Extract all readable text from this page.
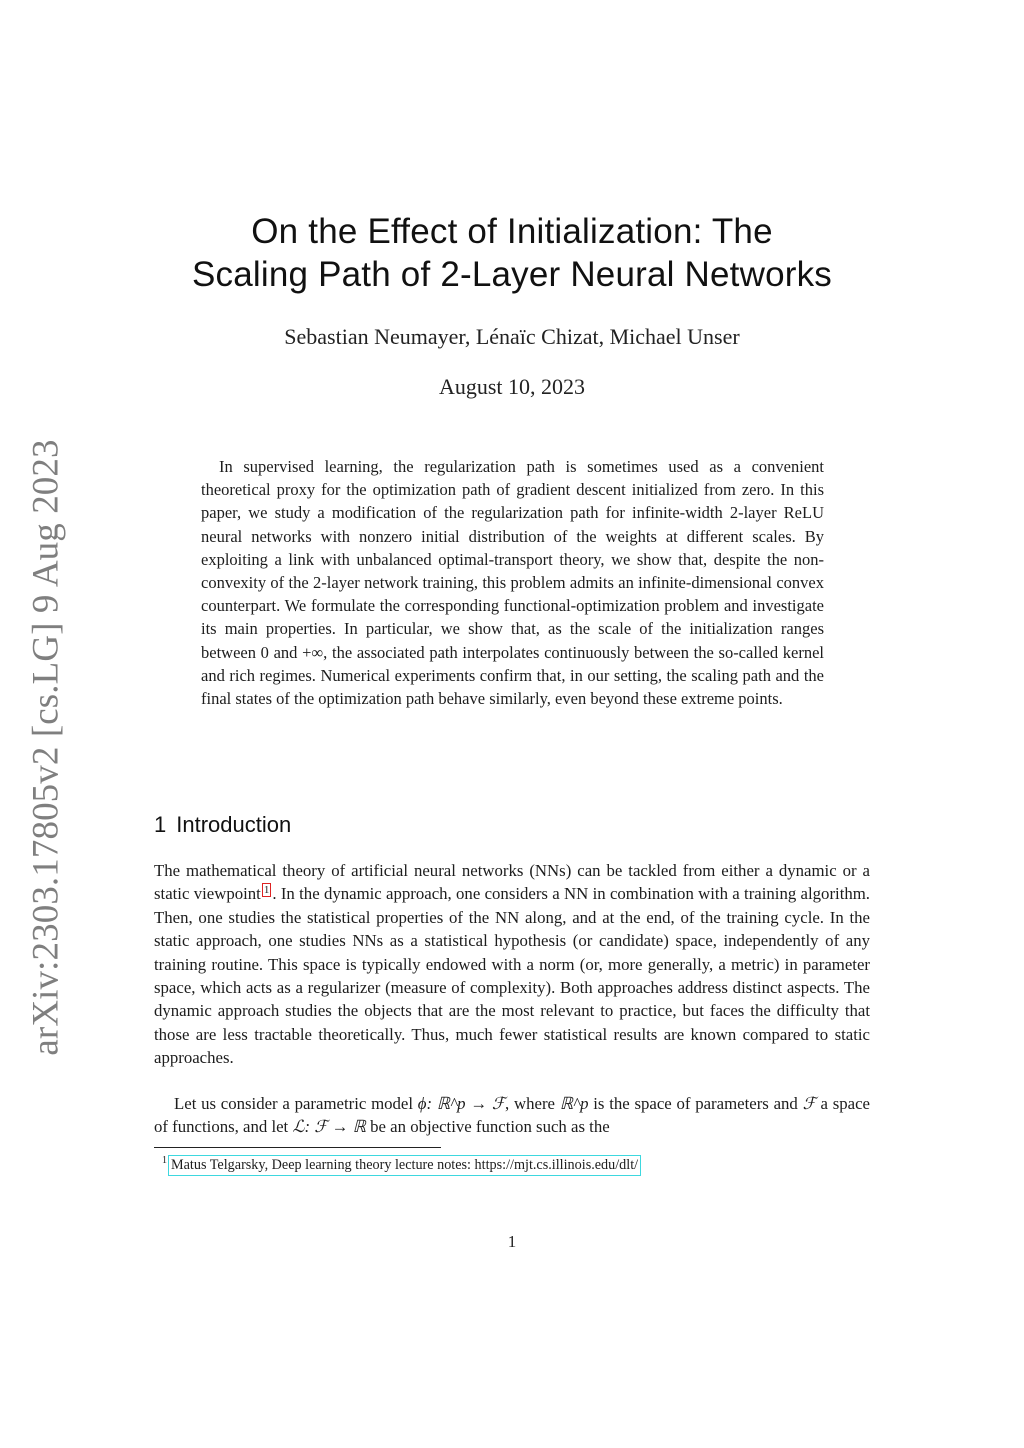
arXiv:2303.17805v2 [cs.LG] 9 Aug 2023
On the Effect of Initialization: The
Scaling Path of 2-Layer Neural Networks
Sebastian Neumayer, Lénaïc Chizat, Michael Unser
August 10, 2023

In supervised learning, the regularization path is sometimes used as a convenient theoretical proxy for the optimization path of gradient descent initialized from zero. In this paper, we study a modification of the regularization path for infinite-width 2-layer ReLU neural networks with nonzero initial distribution of the weights at different scales. By exploiting a link with unbalanced optimal-transport theory, we show that, despite the non-convexity of the 2-layer network training, this problem admits an infinite-dimensional convex counterpart. We formulate the corresponding functional-optimization problem and investigate its main properties. In particular, we show that, as the scale of the initialization ranges between 0 and +∞, the associated path interpolates continuously between the so-called kernel and rich regimes. Numerical experiments confirm that, in our setting, the scaling path and the final states of the optimization path behave similarly, even beyond these extreme points.

1 Introduction

The mathematical theory of artificial neural networks (NNs) can be tackled from either a dynamic or a static viewpoint 1 . In the dynamic approach, one considers a NN in combination with a training algorithm. Then, one studies the statistical properties of the NN along, and at the end, of the training cycle. In the static approach, one studies NNs as a statistical hypothesis (or candidate) space, independently of any training routine. This space is typically endowed with a norm (or, more generally, a metric) in parameter space, which acts as a regularizer (measure of complexity). Both approaches address distinct aspects. The dynamic approach studies the objects that are the most relevant to practice, but faces the difficulty that those are less tractable theoretically. Thus, much fewer statistical results are known compared to static approaches.

Let us consider a parametric model ϕ: ℝ^p → ℱ, where ℝ^p is the space of parameters and ℱ a space of functions, and let ℒ: ℱ → ℝ be an objective function such as the

$^1$ Matus Telgarsky, Deep learning theory lecture notes: https://mjt.cs.illinois.edu/dlt/
1
